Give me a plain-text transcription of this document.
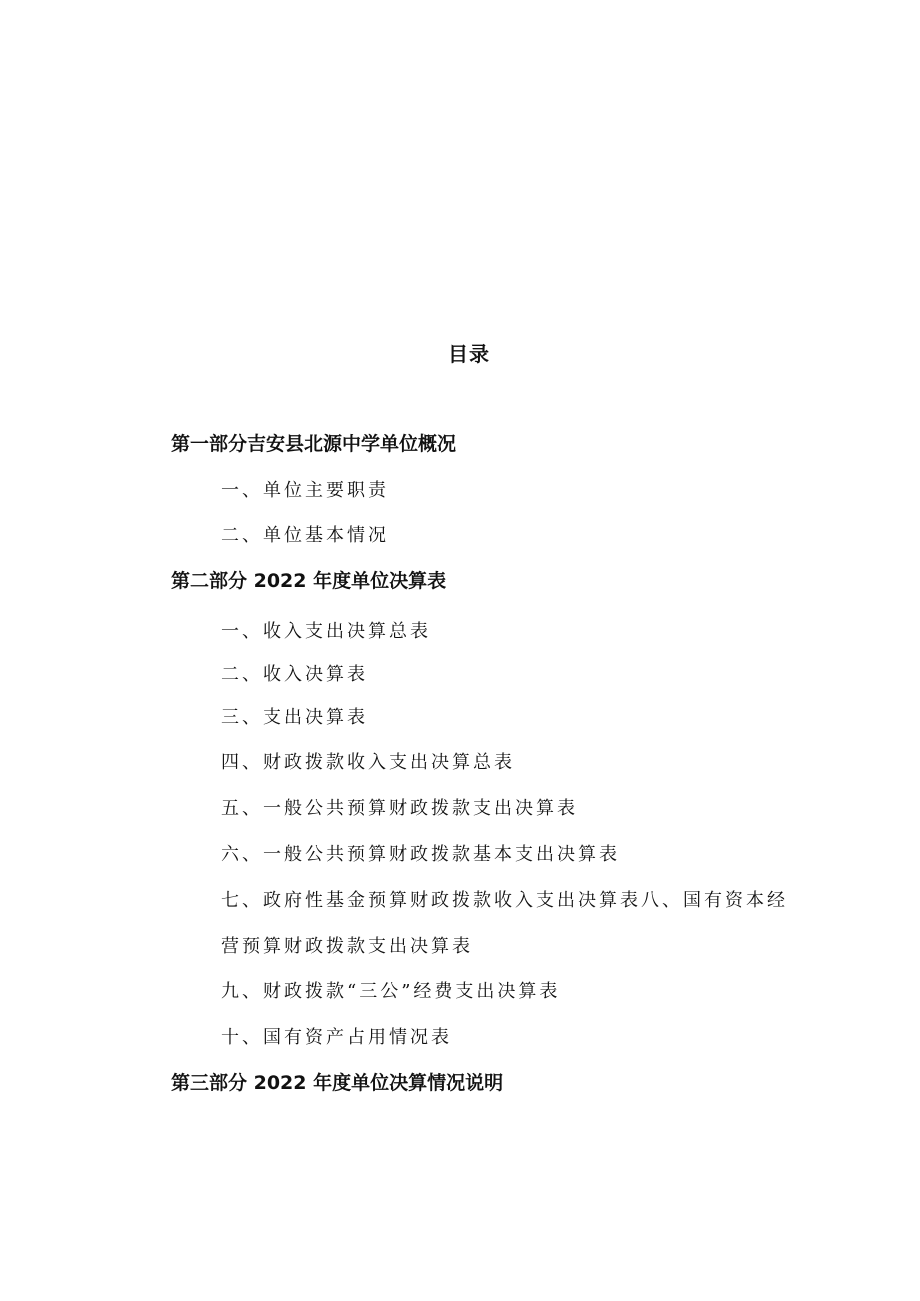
目录
第一部分吉安县北源中学单位概况
一、单位主要职责
二、单位基本情况
第二部分 2022 年度单位决算表
一、收入支出决算总表
二、收入决算表
三、支出决算表
四、财政拨款收入支出决算总表
五、一般公共预算财政拨款支出决算表
六、一般公共预算财政拨款基本支出决算表
七、政府性基金预算财政拨款收入支出决算表八、国有资本经
营预算财政拨款支出决算表
九、财政拨款“三公”经费支出决算表
十、国有资产占用情况表
第三部分 2022 年度单位决算情况说明
